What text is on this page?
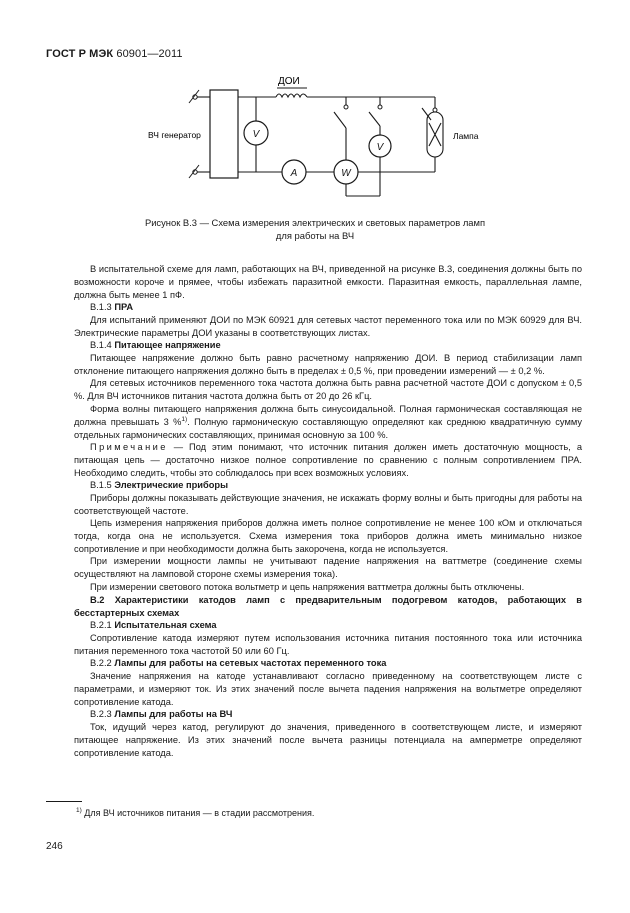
ГОСТ Р МЭК 60901—2011
V
A	W
V
ДОИ
ВЧ генератор	Лампа
Рисунок В.3 — Схема измерения электрических и световых параметров ламп
для работы на ВЧ
В испытательной схеме для ламп, работающих на ВЧ, приведенной на рисунке В.3, соединения должны быть по возможности короче и прямее, чтобы избежать паразитной емкости. Паразитная емкость, параллельная лампе, должна быть менее 1 пФ.
В.1.3 ПРА
Для испытаний применяют ДОИ по МЭК 60921 для сетевых частот переменного тока или по МЭК 60929 для ВЧ. Электрические параметры ДОИ указаны в соответствующих листах.
В.1.4 Питающее напряжение
Питающее напряжение должно быть равно расчетному напряжению ДОИ. В период стабилизации ламп отклонение питающего напряжения должно быть в пределах ± 0,5 %, при проведении измерений — ± 0,2 %.
Для сетевых источников переменного тока частота должна быть равна расчетной частоте ДОИ с допуском ± 0,5 %. Для ВЧ источников питания частота должна быть от 20 до 26 кГц.
Форма волны питающего напряжения должна быть синусоидальной. Полная гармоническая составляющая не должна превышать 3 %$^{1)}$. Полную гармоническую составляющую определяют как среднюю квадратичную сумму отдельных гармонических составляющих, принимая основную за 100 %.
Примечание — Под этим понимают, что источник питания должен иметь достаточную мощность, а питающая цепь — достаточно низкое полное сопротивление по сравнению с полным сопротивлением ПРА. Необходимо следить, чтобы это соблюдалось при всех возможных условиях.
В.1.5 Электрические приборы
Приборы должны показывать действующие значения, не искажать форму волны и быть пригодны для работы на соответствующей частоте.
Цепь измерения напряжения приборов должна иметь полное сопротивление не менее 100 кОм и отключаться тогда, когда она не используется. Схема измерения тока приборов должна иметь минимально низкое сопротивление и при необходимости должна быть закорочена, когда не используется.
При измерении мощности лампы не учитывают падение напряжения на ваттметре (соединение схемы осуществляют на ламповой стороне схемы измерения тока).
При измерении светового потока вольтметр и цепь напряжения ваттметра должны быть отключены.
В.2 Характеристики катодов ламп с предварительным подогревом катодов, работающих в бесстартерных схемах
В.2.1 Испытательная схема
Сопротивление катода измеряют путем использования источника питания постоянного тока или источника питания переменного тока частотой 50 или 60 Гц.
В.2.2 Лампы для работы на сетевых частотах переменного тока
Значение напряжения на катоде устанавливают согласно приведенному на соответствующем листе с параметрами, и измеряют ток. Из этих значений после вычета падения напряжения на вольтметре определяют сопротивление катода.
В.2.3 Лампы для работы на ВЧ
Ток, идущий через катод, регулируют до значения, приведенного в соответствующем листе, и измеряют питающее напряжение. Из этих значений после вычета разницы потенциала на амперметре определяют сопротивление катода.
$^{1)}$ Для ВЧ источников питания — в стадии рассмотрения.
246
